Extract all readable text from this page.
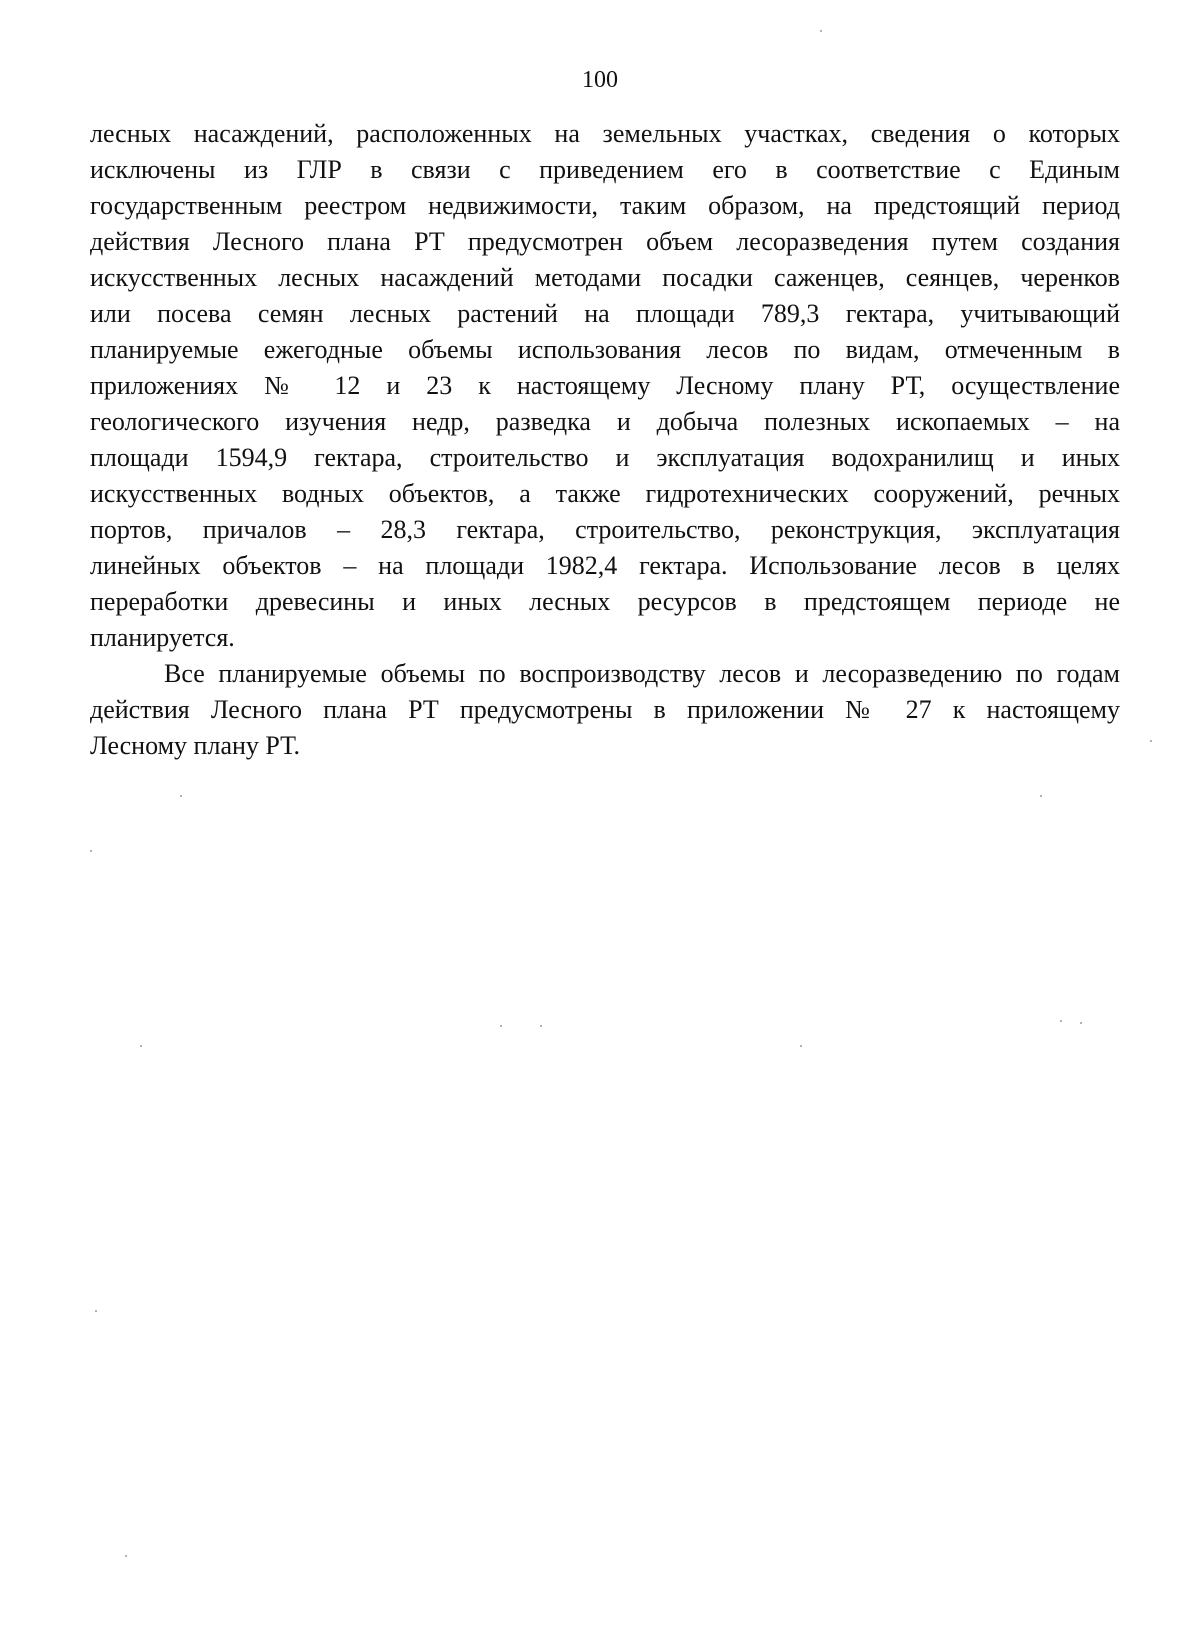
100
лесных насаждений, расположенных на земельных участках, сведения о которых
исключены из ГЛР в связи с приведением его в соответствие с Единым
государственным реестром недвижимости, таким образом, на предстоящий период
действия Лесного плана РТ предусмотрен объем лесоразведения путем создания
искусственных лесных насаждений методами посадки саженцев, сеянцев, черенков
или посева семян лесных растений на площади 789,3 гектара, учитывающий
планируемые ежегодные объемы использования лесов по видам, отмеченным в
приложениях № 12 и 23 к настоящему Лесному плану РТ, осуществление
геологического изучения недр, разведка и добыча полезных ископаемых – на
площади 1594,9 гектара, строительство и эксплуатация водохранилищ и иных
искусственных водных объектов, а также гидротехнических сооружений, речных
портов, причалов – 28,3 гектара, строительство, реконструкция, эксплуатация
линейных объектов – на площади 1982,4 гектара. Использование лесов в целях
переработки древесины и иных лесных ресурсов в предстоящем периоде не
планируется.
Все планируемые объемы по воспроизводству лесов и лесоразведению по годам
действия Лесного плана РТ предусмотрены в приложении № 27 к настоящему
Лесному плану РТ.
